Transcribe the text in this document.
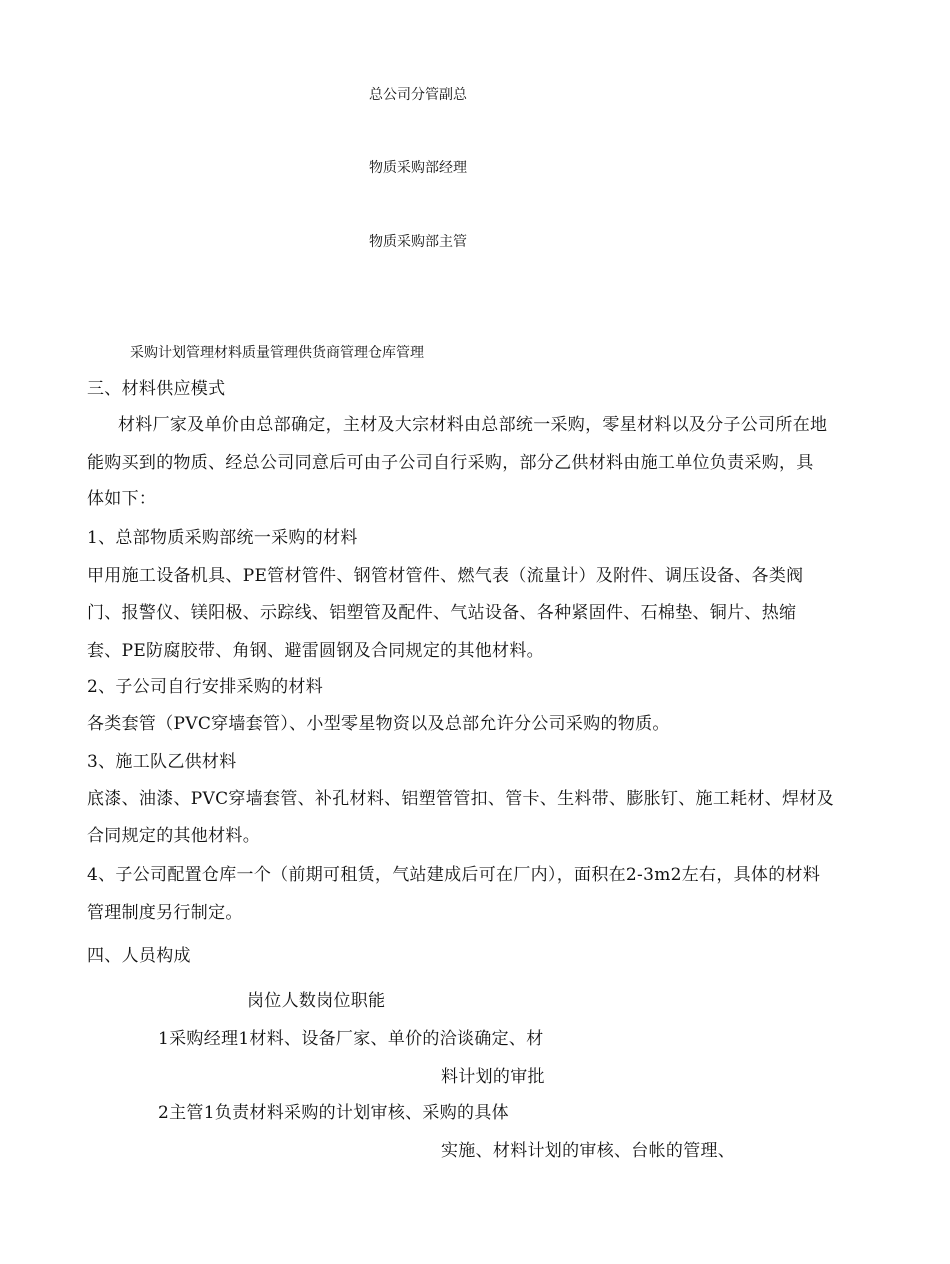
总公司分管副总
物质采购部经理
物质采购部主管
采购计划管理材料质量管理供货商管理仓库管理
三、材料供应模式
材料厂家及单价由总部确定，主材及大宗材料由总部统一采购，零星材料以及分子公司所在地
能购买到的物质、经总公司同意后可由子公司自行采购，部分乙供材料由施工单位负责采购，具
体如下：
1、总部物质采购部统一采购的材料
甲用施工设备机具、PE管材管件、钢管材管件、燃气表（流量计）及附件、调压设备、各类阀
门、报警仪、镁阳极、示踪线、铝塑管及配件、气站设备、各种紧固件、石棉垫、铜片、热缩
套、PE防腐胶带、角钢、避雷圆钢及合同规定的其他材料。
2、子公司自行安排采购的材料
各类套管（PVC穿墙套管）、小型零星物资以及总部允许分公司采购的物质。
3、施工队乙供材料
底漆、油漆、PVC穿墙套管、补孔材料、铝塑管管扣、管卡、生料带、膨胀钉、施工耗材、焊材及
合同规定的其他材料。
4、子公司配置仓库一个（前期可租赁，气站建成后可在厂内），面积在2-3m2左右，具体的材料
管理制度另行制定。
四、人员构成
岗位人数岗位职能
1采购经理1材料、设备厂家、单价的洽谈确定、材
料计划的审批
2主管1负责材料采购的计划审核、采购的具体
实施、材料计划的审核、台帐的管理、
